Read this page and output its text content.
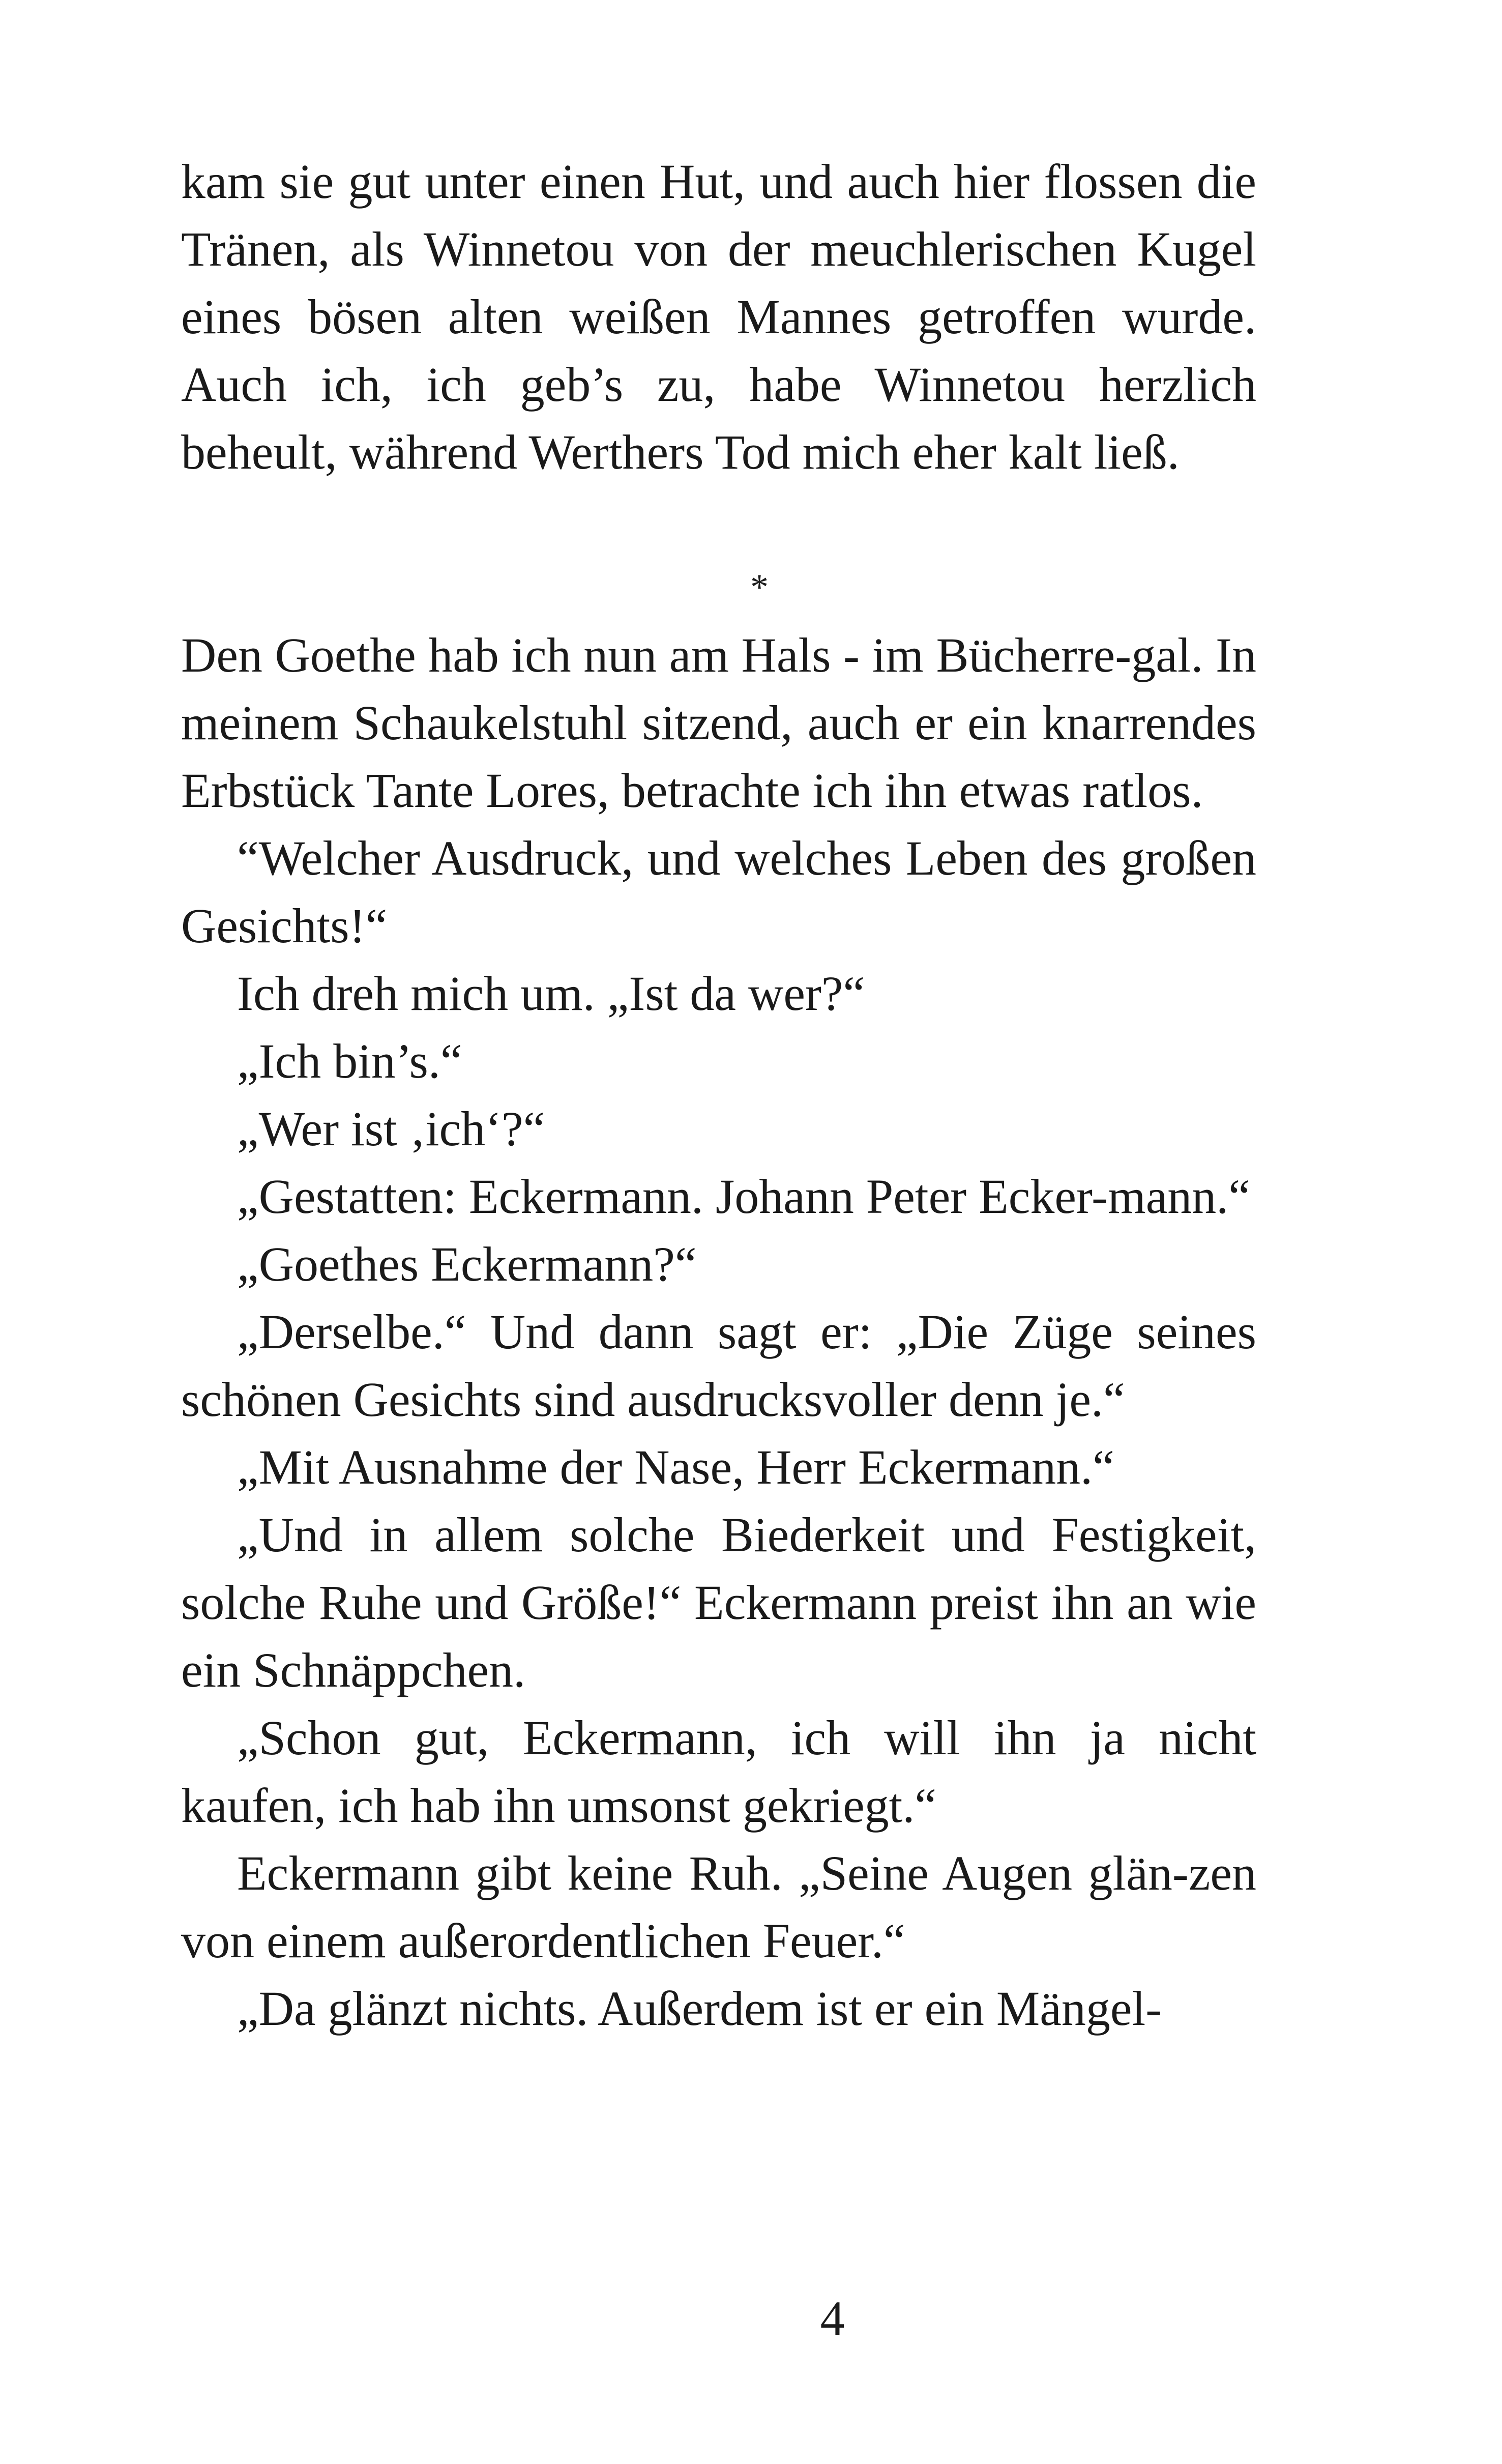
kam sie gut unter einen Hut, und auch hier flossen die Tränen, als Winnetou von der meuchlerischen Kugel eines bösen alten weißen Mannes getroffen wurde. Auch ich, ich geb’s zu, habe Winnetou herzlich beheult, während Werthers Tod mich eher kalt ließ.

*

Den Goethe hab ich nun am Hals - im Bücherre-gal. In meinem Schaukelstuhl sitzend, auch er ein knarrendes Erbstück Tante Lores, betrachte ich ihn etwas ratlos.

“Welcher Ausdruck, und welches Leben des großen Gesichts!“

Ich dreh mich um. „Ist da wer?“

„Ich bin’s.“

„Wer ist ‚ich‘?“

„Gestatten: Eckermann. Johann Peter Ecker-mann.“

„Goethes Eckermann?“

„Derselbe.“ Und dann sagt er: „Die Züge seines schönen Gesichts sind ausdrucksvoller denn je.“

„Mit Ausnahme der Nase, Herr Eckermann.“

„Und in allem solche Biederkeit und Festigkeit, solche Ruhe und Größe!“ Eckermann preist ihn an wie ein Schnäppchen.

„Schon gut, Eckermann, ich will ihn ja nicht kaufen, ich hab ihn umsonst gekriegt.“

Eckermann gibt keine Ruh. „Seine Augen glän-zen von einem außerordentlichen Feuer.“

„Da glänzt nichts. Außerdem ist er ein Mängel-

4
